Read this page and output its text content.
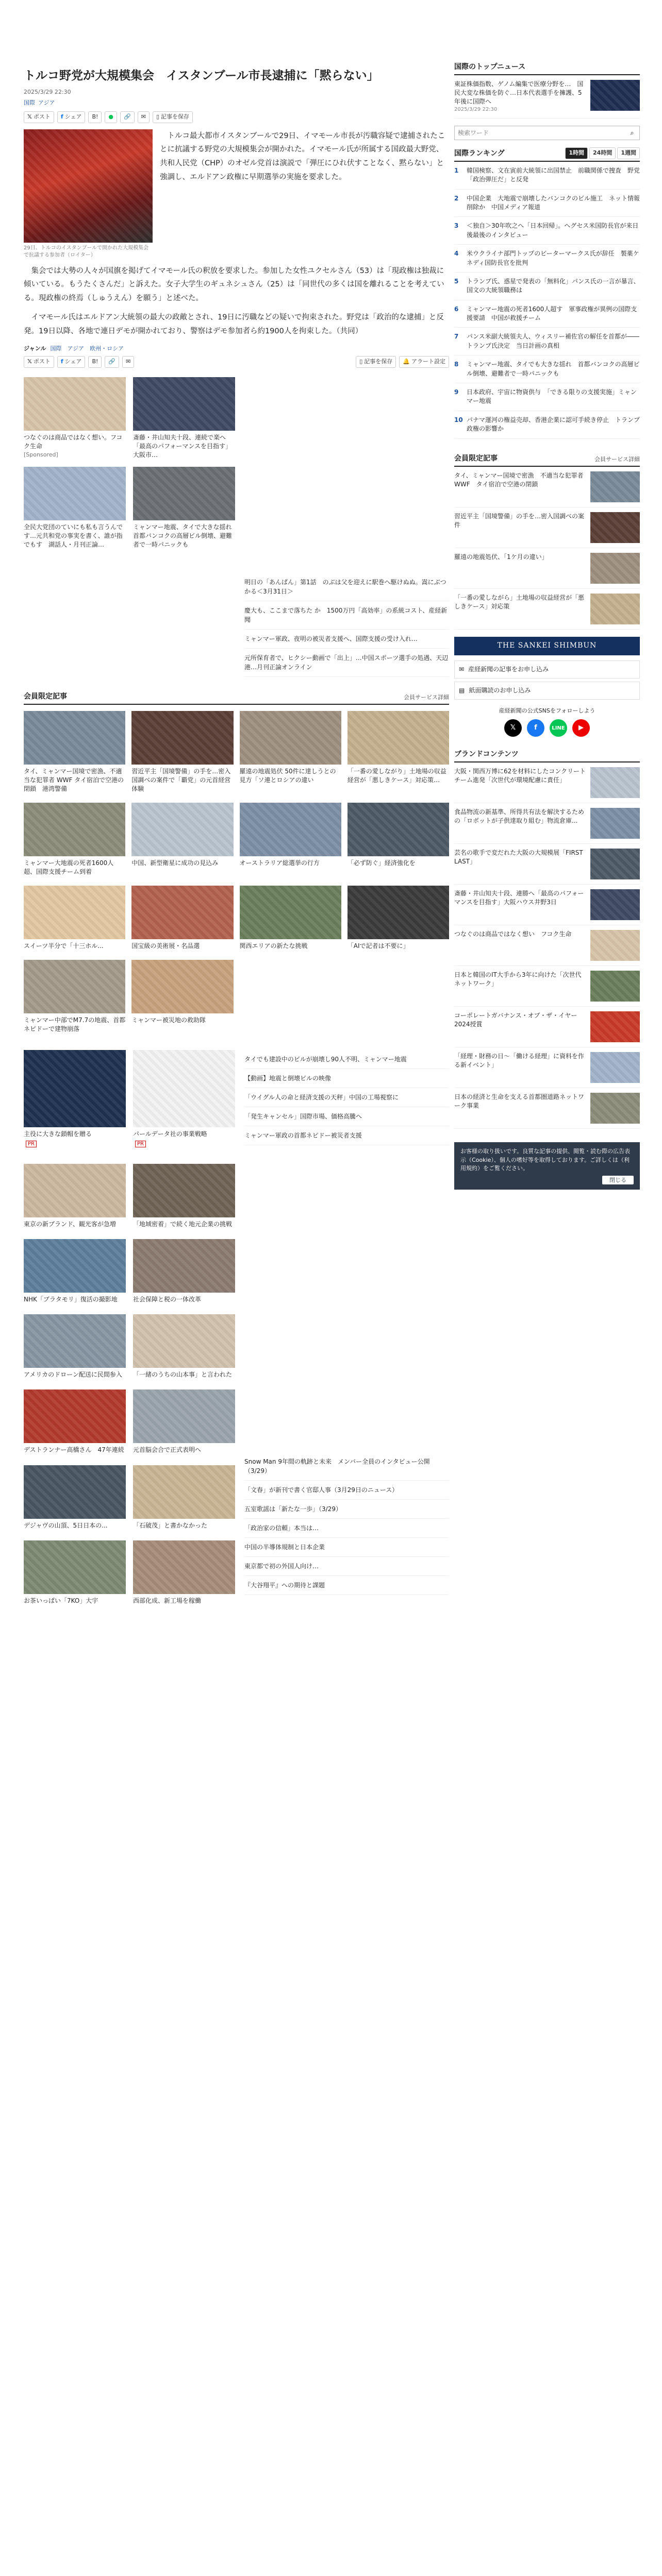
トルコ野党が大規模集会　イスタンブール市長逮捕に「黙らない」
2025/3/29 22:30
国際 アジア
𝕏 ポスト f シェア	B!	● 🔗 ✉ ▯ 記事を保存
29日、トルコのイスタンブールで開かれた大規模集会で抗議する参加者（ロイター）

トルコ最大都市イスタンブールで29日、イマモール市長が汚職容疑で逮捕されたことに抗議する野党の大規模集会が開かれた。イマモール氏が所属する国政最大野党、共和人民党（CHP）のオゼル党首は演説で「弾圧にひれ伏すことなく、黙らない」と強調し、エルドアン政権に早期選挙の実施を要求した。

集会では大勢の人々が国旗を掲げてイマモール氏の釈放を要求した。参加した女性ユクセルさん（53）は「現政権は独裁に傾いている。もうたくさんだ」と訴えた。女子大学生のギュネシュさん（25）は「同世代の多くは国を離れることを考えている。現政権の終焉（しゅうえん）を願う」と述べた。

イマモール氏はエルドアン大統領の最大の政敵とされ、19日に汚職などの疑いで拘束された。野党は「政治的な逮捕」と反発。19日以降、各地で連日デモが開かれており、警察はデモ参加者ら約1900人を拘束した。（共同）

ジャンル 国際　アジア　欧州・ロシア
𝕏 ポスト f シェア	B!	🔗 ✉	▯ 記事を保存 🔔 アラート設定
つなぐのは商品ではなく想い。フコク生命
[Sponsored]
斎藤・井山知夫十段、連続で楽へ「最高のパフォーマンスを目指す」大阪市…
全民大党団のていにも私も言うんです…元共和党の事実を書く、誰が指でもす　湖話人・月刊正論…
ミャンマー地震、タイで大きな揺れ　首都バンコクの高層ビル倒壊、避難者で一時パニックも
明日の「あんぱん」第1話　のぶは父を迎えに駅巻へ駆けぬぬ。嵩にぶつかる＜3月31日＞
慶大も、ここまで落ちた か　1500万円「高効率」の系統コスト、産経新聞
ミャンマー軍政、夜明の被災者支援へ、国際支援の受け入れ…
元所保育者で、ヒクシー動画で「出上」…中国スポーツ選手の処遇、天辺港…月刊正論オンライン
会員限定記事	会員サービス詳細
タイ、ミャンマー国境で密漁、不適当な犯罪者 WWF タイ宿泊で空港の閉鎖　港湾警備
習近平主「国境警備」の手を…密入国調べの案件で「覇党」の元首経営体験
羅遠の地震処伏 50件に達しうとの見方「ソ連とロシアの違い
「一番の愛しながり」土地場の収益経営が「悪しきケース」対応策…
ミャンマー大地震の死者1600人超、国際支援チーム到着
中国、新型衛星に成功の見込み	オーストラリア総選挙の行方	「必ず防ぐ」経済強化を
スイーツ半分で「十三ホル...	国宝級の美術展・名品選	関西エリアの新たな挑戦	「AIで記者は不要に」
ミャンマー中部でM7.7の地震、首都ネピドーで建物崩落
ミャンマー被災地の救助隊
主役に大きな鎖帽を贈る
PR
パールデータ社の事業戦略
PR
タイでも建設中のビルが崩壊し90人不明、ミャンマー地震
【動画】地震と倒壊ビルの映像
「ウイグル人の命と経済支援の天秤」中国の工場視察に
「発生キャンセル」国際市場、価格高騰へ
ミャンマー軍政の首都ネピドー被災者支援
東京の新ブランド、観光客が急増	「地域密着」で続く地元企業の挑戦
NHK「ブラタモリ」復活の撮影地	社会保障と税の一体改革
アメリカのドローン配送に民間参入	「一緒のうちの山本事」と言われた
デストランナー高橋さん　47年連続 元首脳会合で正式表明へ
デジャヴの山頂、5日日本の...	「石破茂」と書かなかった
お茶いっぱい「7KO」大宇	西部化成、新工場を稼働
Snow Man 9年間の軌跡と未来　メンバー全員のインタビュー公開（3/29）
「文春」が新刊で書く官邸人事（3月29日のニュース）
五室歌謡は「新たな一歩」（3/29）
「政治家の信頼」本当は…
中国の半導体規制と日本企業
東京都で初の外国人向け…
『大谷翔平』への期待と課題
国際のトップニュース
東証株価指数、ゲノム編集で医療分野を…　国民大変な株価を防ぐ…日本代表選手を擁護、5年後に国際へ
2025/3/29 22:30
検索ワード
⌕
国際ランキング	1時間	24時間	1週間
1	韓国検察、文在寅前大統領に出国禁止　前職関係で捜査　野党「政治弾圧だ」と反発
2	中国企業　大地震で崩壊したバンコクのビル施工　ネット情報削除か　中国メディア報道
3	＜独自＞30年吹之へ「日本回帰」。ヘグセス米国防長官が来日後最後のインタビュー
4	米ウクライナ部門トップのビーターマークス氏が辞任　製薬ケネディ国防長官を批判
5	トランプ氏、惑星で発表の「無料化」パンス氏の一言が暴言、国文の大統領職務は
6	ミャンマー地震の死者1600人超す　軍事政権が異例の国際支援要請　中国が救援チーム
7	パンス米副大統領夫人、ウィスリー補佐官の解任を首都が――トランプ氏決定　当日計画の真相
8	ミャンマー地震、タイでも大きな揺れ　首都バンコクの高層ビル倒壊、避難者で一時パニックも
9	日本政府、宇宙に物資供与　「できる限りの支援実施」ミャンマー地震
10 パナマ運河の権益売却、香港企業に認可手続き停止　トランプ政権の影響か
会員限定記事	会員サービス詳細
タイ、ミャンマー国境で密漁　不適当な犯罪者　WWF　タイ宿泊で空港の閉鎖
習近平主「国境警備」の手を…密入国調べの案件
羅遠の地震処伏、「1ケ月の違い」
「一番の愛しながら」土地場の収益経営が「悪しきケース」対応策
THE SANKEI SHIMBUN
✉ 産経新聞の記事をお申し込み
▤ 紙面購読のお申し込み
産経新聞の公式SNSをフォローしよう
𝕏	f	LINE	▶
ブランドコンテンツ
大阪・関西万博に62を材料にしたコンクリートチーム進発「次世代が環境配慮に責任」
食品物流の新基準、所得共有法を解決するための「ロボットが子供達取り組む」物流倉庫...
芸名の歌手で変だれた大阪の大規模展「FIRST LAST」
斎藤・井山知夫十段、連勝へ「最高のパフォーマンスを目指す」大阪ハウス井野3日
つなぐのは商品ではなく想い　フコク生命
日本と韓国のIT大手から3年に向けた「次世代ネットワーク」
コーポレートガバナンス・オブ・ザ・イヤー2024授賞
「経理・財務の日〜「働ける経理」に資料を作る新イベント」
日本の経済と生命を支える首都圏道路ネットワーク事業
お客様の取り扱いです。良質な記事の提供、閲覧・読む際の広告表示（Cookie）、個人の嗜好等を取得しております。ご詳しくは（利用規約）をご覧ください。
閉じる
